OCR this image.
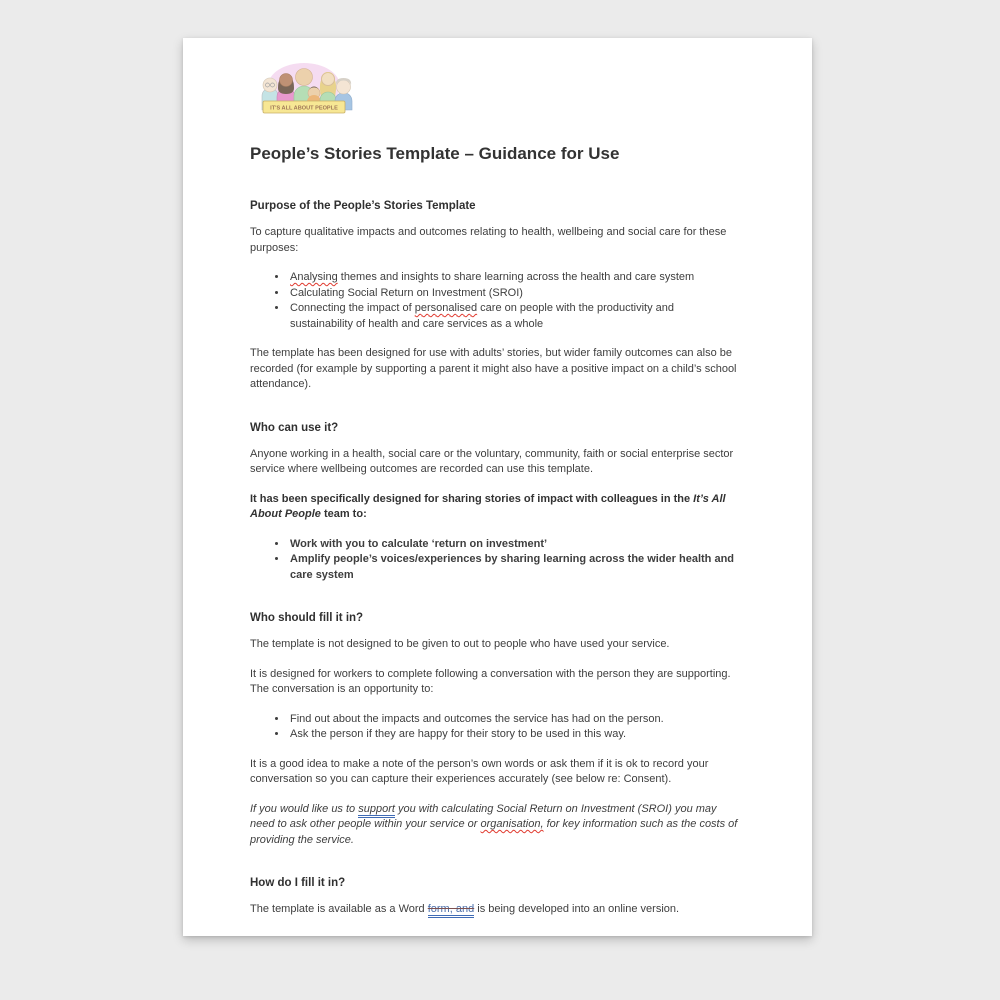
IT'S ALL ABOUT PEOPLE
People’s Stories Template – Guidance for Use
Purpose of the People’s Stories Template

To capture qualitative impacts and outcomes relating to health, wellbeing and social care for these purposes:

• Analysing themes and insights to share learning across the health and care system
• Calculating Social Return on Investment (SROI)
• Connecting the impact of personalised care on people with the productivity and sustainability of health and care services as a whole

The template has been designed for use with adults’ stories, but wider family outcomes can also be recorded (for example by supporting a parent it might also have a positive impact on a child’s school attendance).

Who can use it?

Anyone working in a health, social care or the voluntary, community, faith or social enterprise sector service where wellbeing outcomes are recorded can use this template.

It has been specifically designed for sharing stories of impact with colleagues in the It’s All About People team to:

• Work with you to calculate ‘return on investment’
• Amplify people’s voices/experiences by sharing learning across the wider health and care system
Who should fill it in?

The template is not designed to be given to out to people who have used your service.

It is designed for workers to complete following a conversation with the person they are supporting. The conversation is an opportunity to:

• Find out about the impacts and outcomes the service has had on the person.
• Ask the person if they are happy for their story to be used in this way.

It is a good idea to make a note of the person’s own words or ask them if it is ok to record your conversation so you can capture their experiences accurately (see below re: Consent).

If you would like us to support you with calculating Social Return on Investment (SROI) you may need to ask other people within your service or organisation, for key information such as the costs of providing the service.

How do I fill it in?

The template is available as a Word form, and is being developed into an online version.
